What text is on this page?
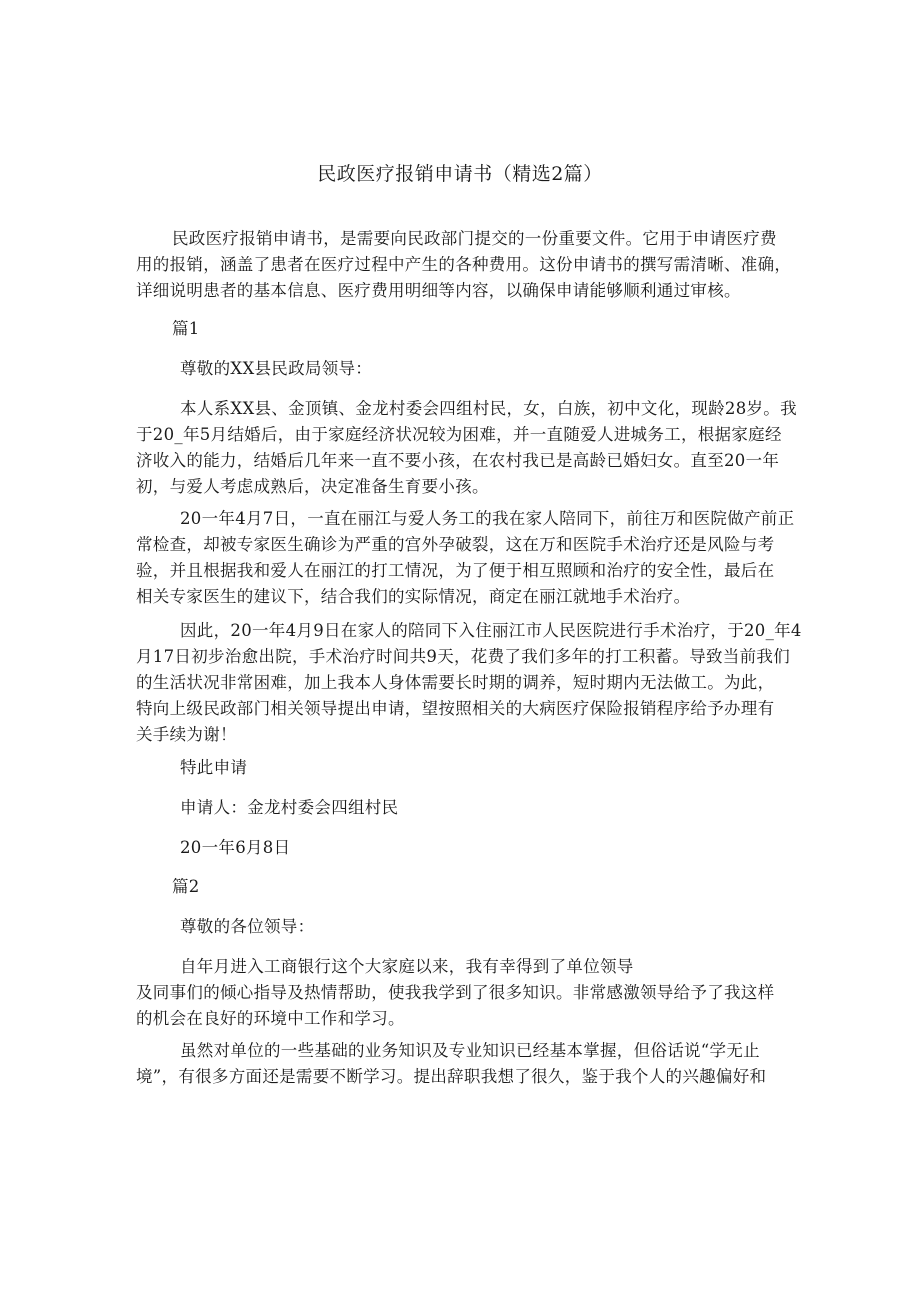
民政医疗报销申请书（精选2篇）

民政医疗报销申请书，是需要向民政部门提交的一份重要文件。它用于申请医疗费
用的报销，涵盖了患者在医疗过程中产生的各种费用。这份申请书的撰写需清晰、准确，
详细说明患者的基本信息、医疗费用明细等内容，以确保申请能够顺利通过审核。

篇1

尊敬的XX县民政局领导：

本人系XX县、金顶镇、金龙村委会四组村民，女，白族，初中文化，现龄28岁。我
于20_年5月结婚后，由于家庭经济状况较为困难，并一直随爱人进城务工，根据家庭经
济收入的能力，结婚后几年来一直不要小孩，在农村我已是高龄已婚妇女。直至20一年
初，与爱人考虑成熟后，决定准备生育要小孩。

20一年4月7日，一直在丽江与爱人务工的我在家人陪同下，前往万和医院做产前正
常检查，却被专家医生确诊为严重的宫外孕破裂，这在万和医院手术治疗还是风险与考
验，并且根据我和爱人在丽江的打工情况，为了便于相互照顾和治疗的安全性，最后在
相关专家医生的建议下，结合我们的实际情况，商定在丽江就地手术治疗。

因此，20一年4月9日在家人的陪同下入住丽江市人民医院进行手术治疗，于20_年4
月17日初步治愈出院，手术治疗时间共9天，花费了我们多年的打工积蓄。导致当前我们
的生活状况非常困难，加上我本人身体需要长时期的调养，短时期内无法做工。为此，
特向上级民政部门相关领导提出申请，望按照相关的大病医疗保险报销程序给予办理有
关手续为谢！

特此申请

申请人：金龙村委会四组村民

20一年6月8日

篇2

尊敬的各位领导：

自年月进入工商银行这个大家庭以来，我有幸得到了单位领导
及同事们的倾心指导及热情帮助，使我我学到了很多知识。非常感激领导给予了我这样
的机会在良好的环境中工作和学习。

虽然对单位的一些基础的业务知识及专业知识已经基本掌握，但俗话说“学无止
境”，有很多方面还是需要不断学习。提出辞职我想了很久，鉴于我个人的兴趣偏好和
